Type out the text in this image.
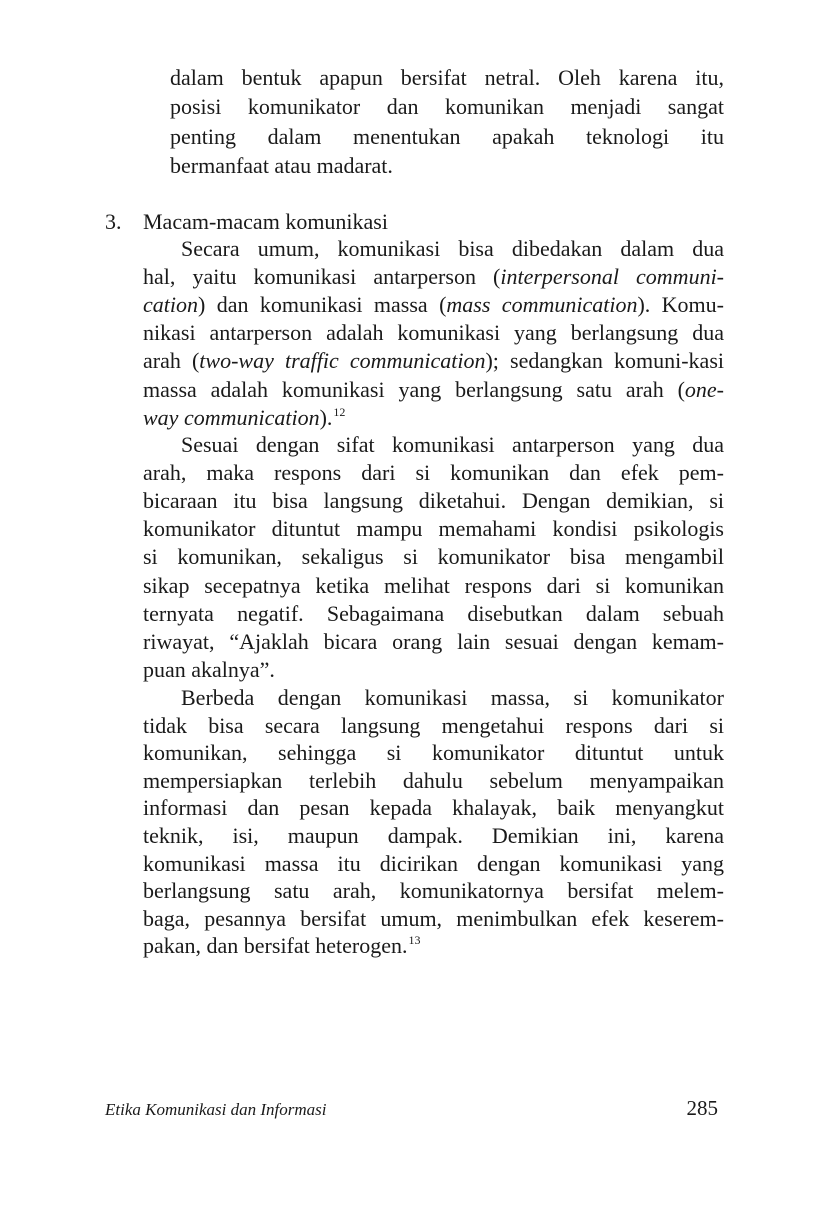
dalam bentuk apapun bersifat netral. Oleh karena itu,
posisi komunikator dan komunikan menjadi sangat
penting dalam menentukan apakah teknologi itu
bermanfaat atau madarat.
3. Macam-macam komunikasi
Secara umum, komunikasi bisa dibedakan dalam dua
hal, yaitu komunikasi antarperson (interpersonal communi-
cation) dan komunikasi massa (mass communication). Komu-
nikasi antarperson adalah komunikasi yang berlangsung dua
arah (two-way traffic communication); sedangkan komuni-kasi
massa adalah komunikasi yang berlangsung satu arah (one-
way communication).$^{12}$
Sesuai dengan sifat komunikasi antarperson yang dua
arah, maka respons dari si komunikan dan efek pem-
bicaraan itu bisa langsung diketahui. Dengan demikian, si
komunikator dituntut mampu memahami kondisi psikologis
si komunikan, sekaligus si komunikator bisa mengambil
sikap secepatnya ketika melihat respons dari si komunikan
ternyata negatif. Sebagaimana disebutkan dalam sebuah
riwayat, “Ajaklah bicara orang lain sesuai dengan kemam-
puan akalnya”.
Berbeda dengan komunikasi massa, si komunikator
tidak bisa secara langsung mengetahui respons dari si
komunikan, sehingga si komunikator dituntut untuk
mempersiapkan terlebih dahulu sebelum menyampaikan
informasi dan pesan kepada khalayak, baik menyangkut
teknik, isi, maupun dampak. Demikian ini, karena
komunikasi massa itu dicirikan dengan komunikasi yang
berlangsung satu arah, komunikatornya bersifat melem-
baga, pesannya bersifat umum, menimbulkan efek keserem-
pakan, dan bersifat heterogen.$^{13}$
Etika Komunikasi dan Informasi	285
